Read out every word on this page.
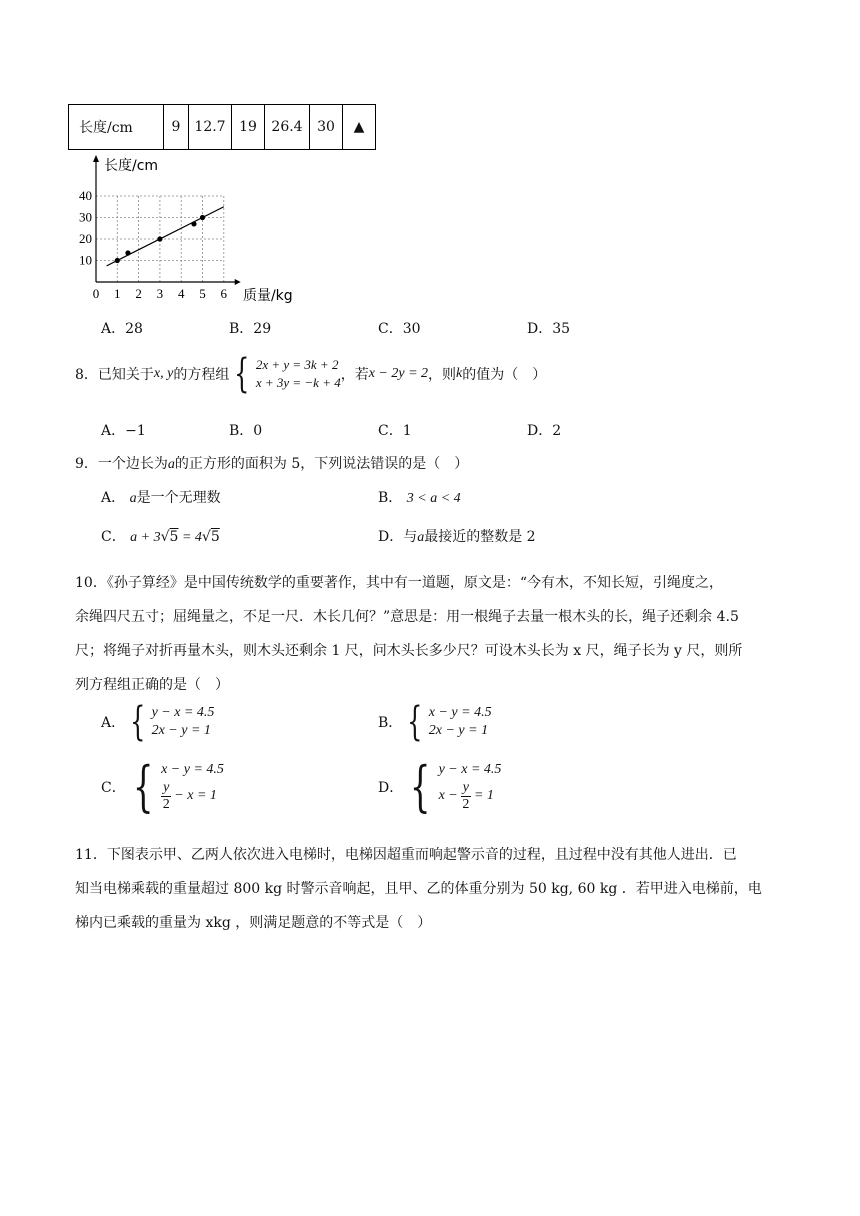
长度/cm	9	12.7	19	26.4	30	▲
0 1 2 3 4 5 6
10
20
30
40
长度/cm
质量/kg
A．28	B．29	C．30	D．35
8．已知关于 x, y 的方程组 { 2x + y = 3k + 2
x + 3y = −k + 4 ，若 x − 2y = 2 ，则 k 的值为（　）
A．−1	B．0	C．1	D．2
9．一个边长为a的正方形的面积为 5，下列说法错误的是（　）
A． a是一个无理数	B． 3 < a < 4
C． a + 3√5 = 4√5	D．与a最接近的整数是 2

10．《孙子算经》是中国传统数学的重要著作，其中有一道题，原文是：“今有木，不知长短，引绳度之，

余绳四尺五寸；屈绳量之，不足一尺．木长几何？”意思是：用一根绳子去量一根木头的长，绳子还剩余 4.5

尺；将绳子对折再量木头，则木头还剩余 1 尺，问木头长多少尺？可设木头长为 x 尺，绳子长为 y 尺，则所

列方程组正确的是（　）

A． { y − x = 4.5
2x − y = 1	B． { x − y = 4.5
2x − y = 1
C． { x − y = 4.5
$\frac{y}{2} - x = 1$	D． { y − x = 4.5
$x - \frac{y}{2} = 1$

11．下图表示甲、乙两人依次进入电梯时，电梯因超重而响起警示音的过程，且过程中没有其他人进出．已

知当电梯乘载的重量超过 800 kg 时警示音响起，且甲、乙的体重分别为 50 kg, 60 kg ．若甲进入电梯前，电

梯内已乘载的重量为 xkg ，则满足题意的不等式是（　）
